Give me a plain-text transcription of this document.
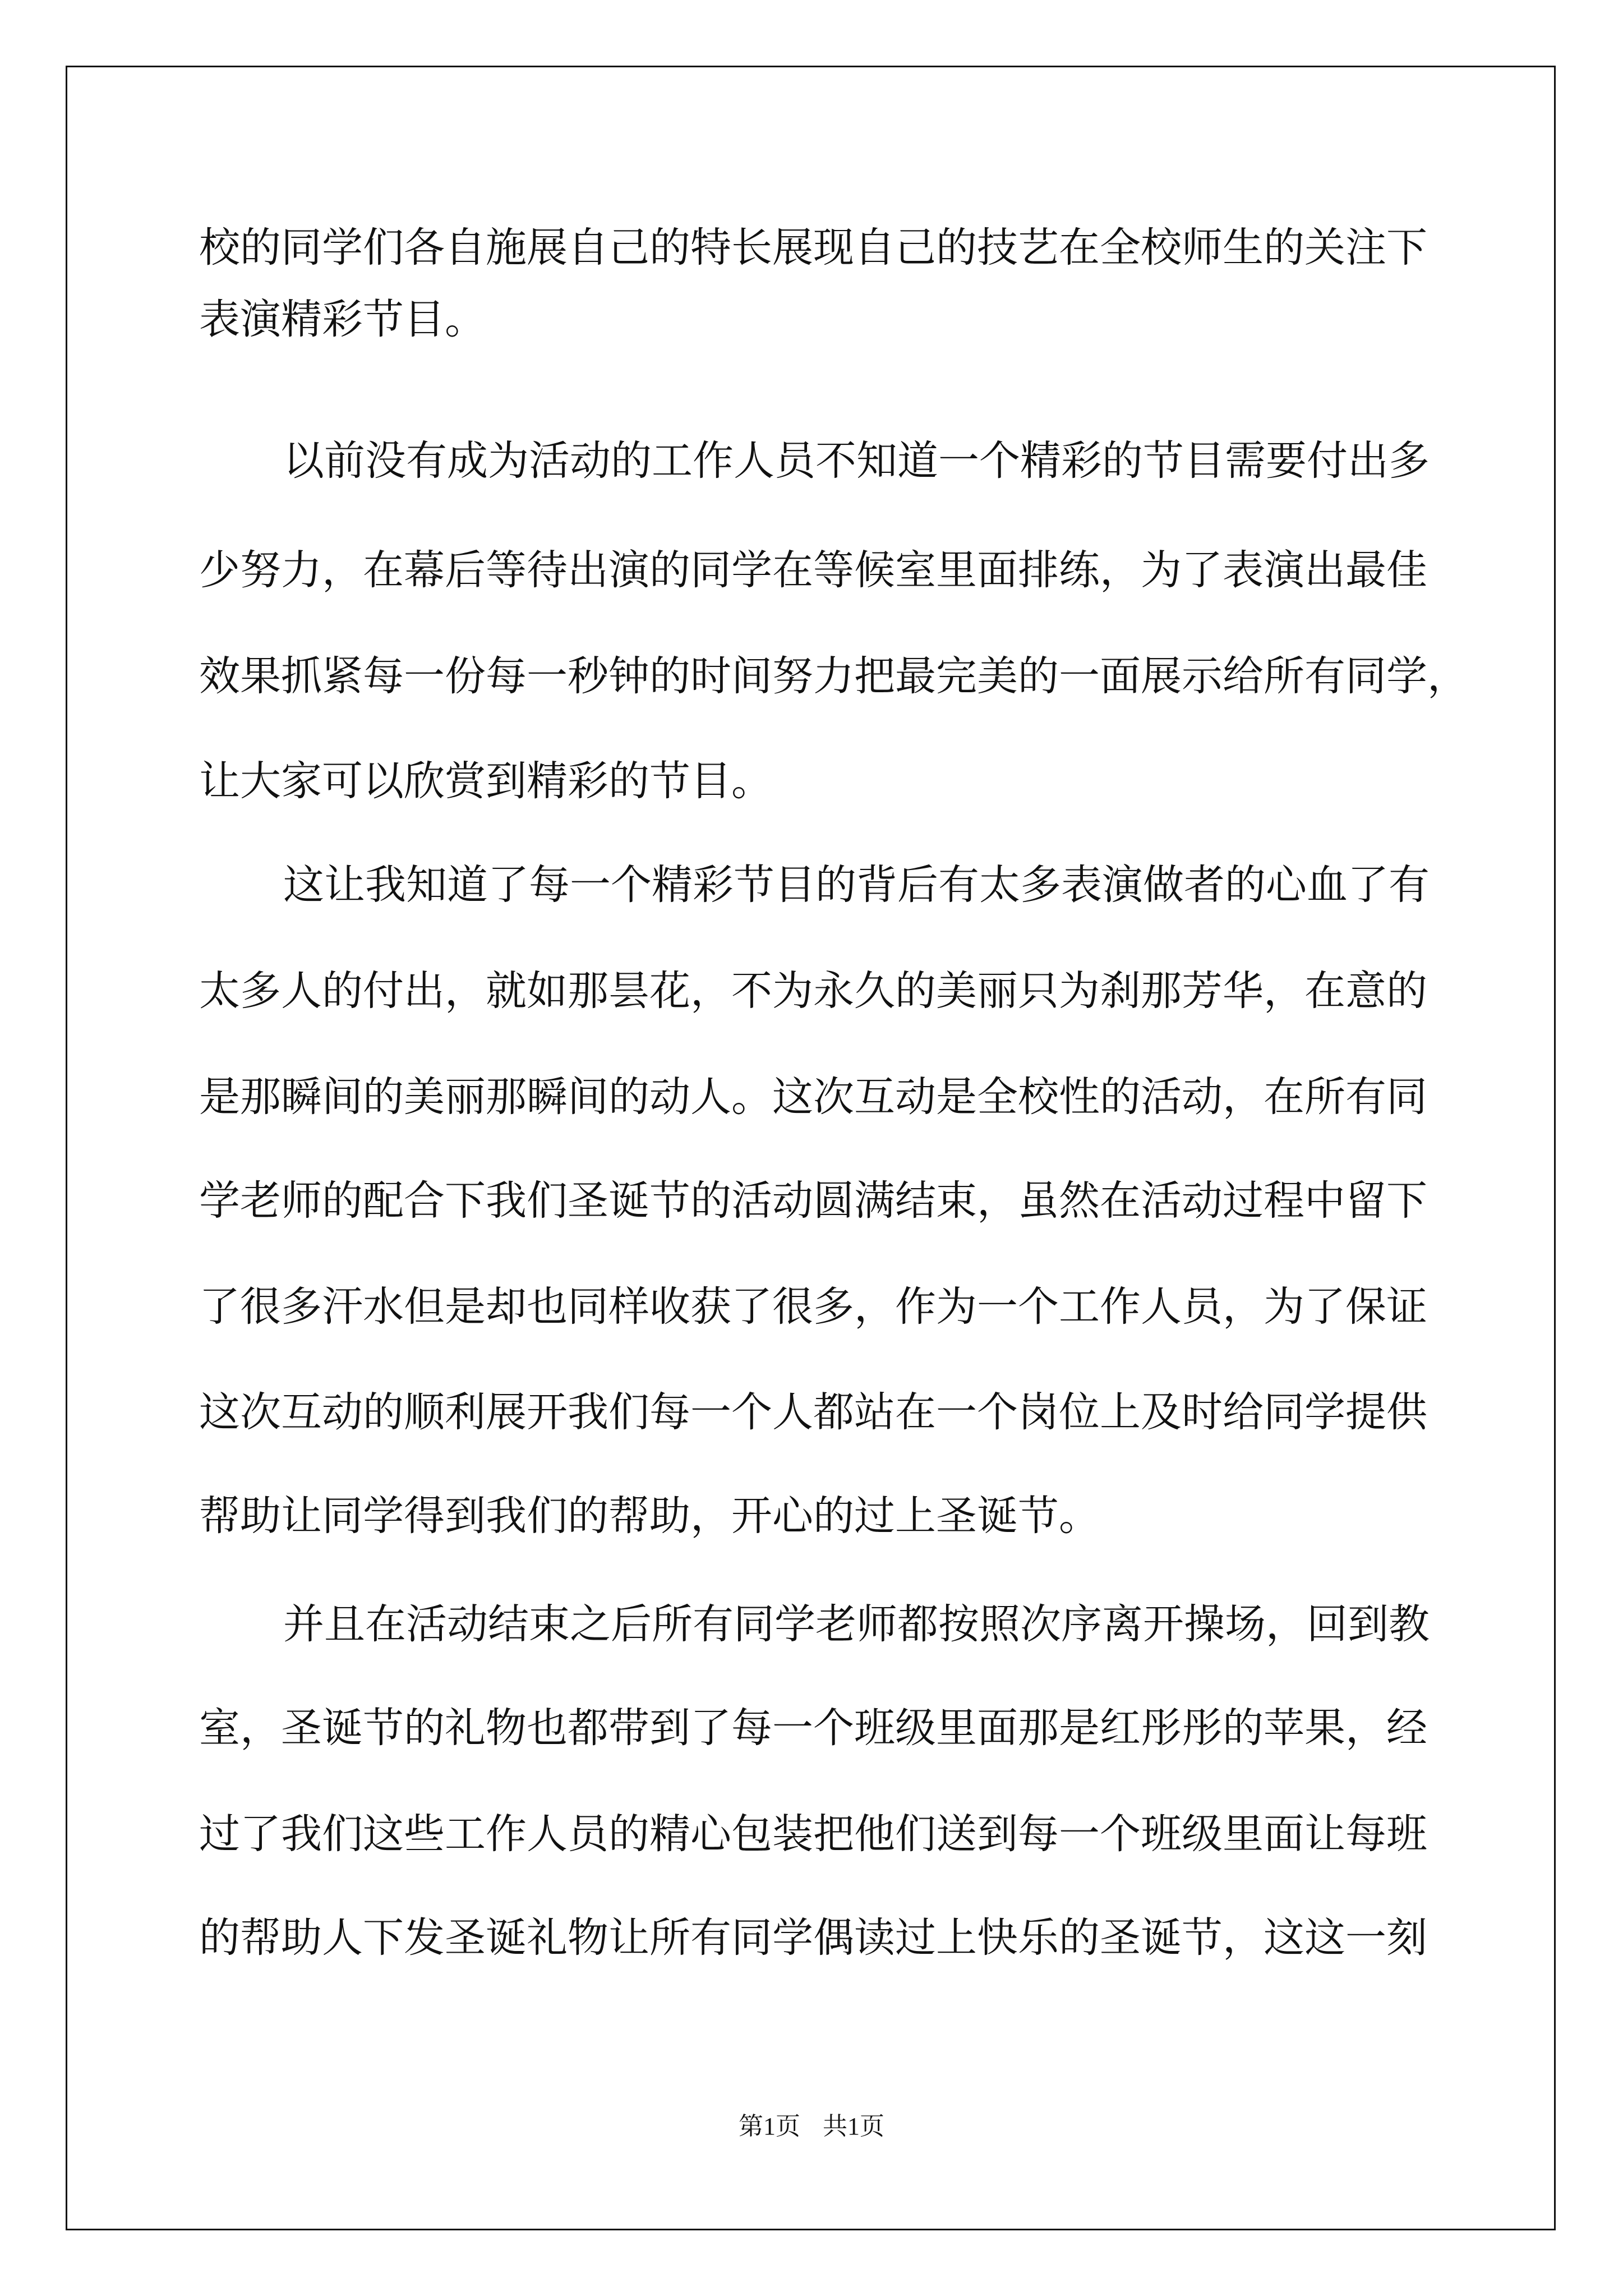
校的同学们各自施展自己的特长展现自己的技艺在全校师生的关注下
表演精彩节目。
以前没有成为活动的工作人员不知道一个精彩的节目需要付出多
少努力，在幕后等待出演的同学在等候室里面排练，为了表演出最佳
效果抓紧每一份每一秒钟的时间努力把最完美的一面展示给所有同学，
让大家可以欣赏到精彩的节目。
这让我知道了每一个精彩节目的背后有太多表演做者的心血了有
太多人的付出，就如那昙花，不为永久的美丽只为刹那芳华，在意的
是那瞬间的美丽那瞬间的动人。这次互动是全校性的活动，在所有同
学老师的配合下我们圣诞节的活动圆满结束，虽然在活动过程中留下
了很多汗水但是却也同样收获了很多，作为一个工作人员，为了保证
这次互动的顺利展开我们每一个人都站在一个岗位上及时给同学提供
帮助让同学得到我们的帮助，开心的过上圣诞节。
并且在活动结束之后所有同学老师都按照次序离开操场，回到教
室，圣诞节的礼物也都带到了每一个班级里面那是红彤彤的苹果，经
过了我们这些工作人员的精心包装把他们送到每一个班级里面让每班
的帮助人下发圣诞礼物让所有同学偶读过上快乐的圣诞节，这这一刻
第1页 共1页
